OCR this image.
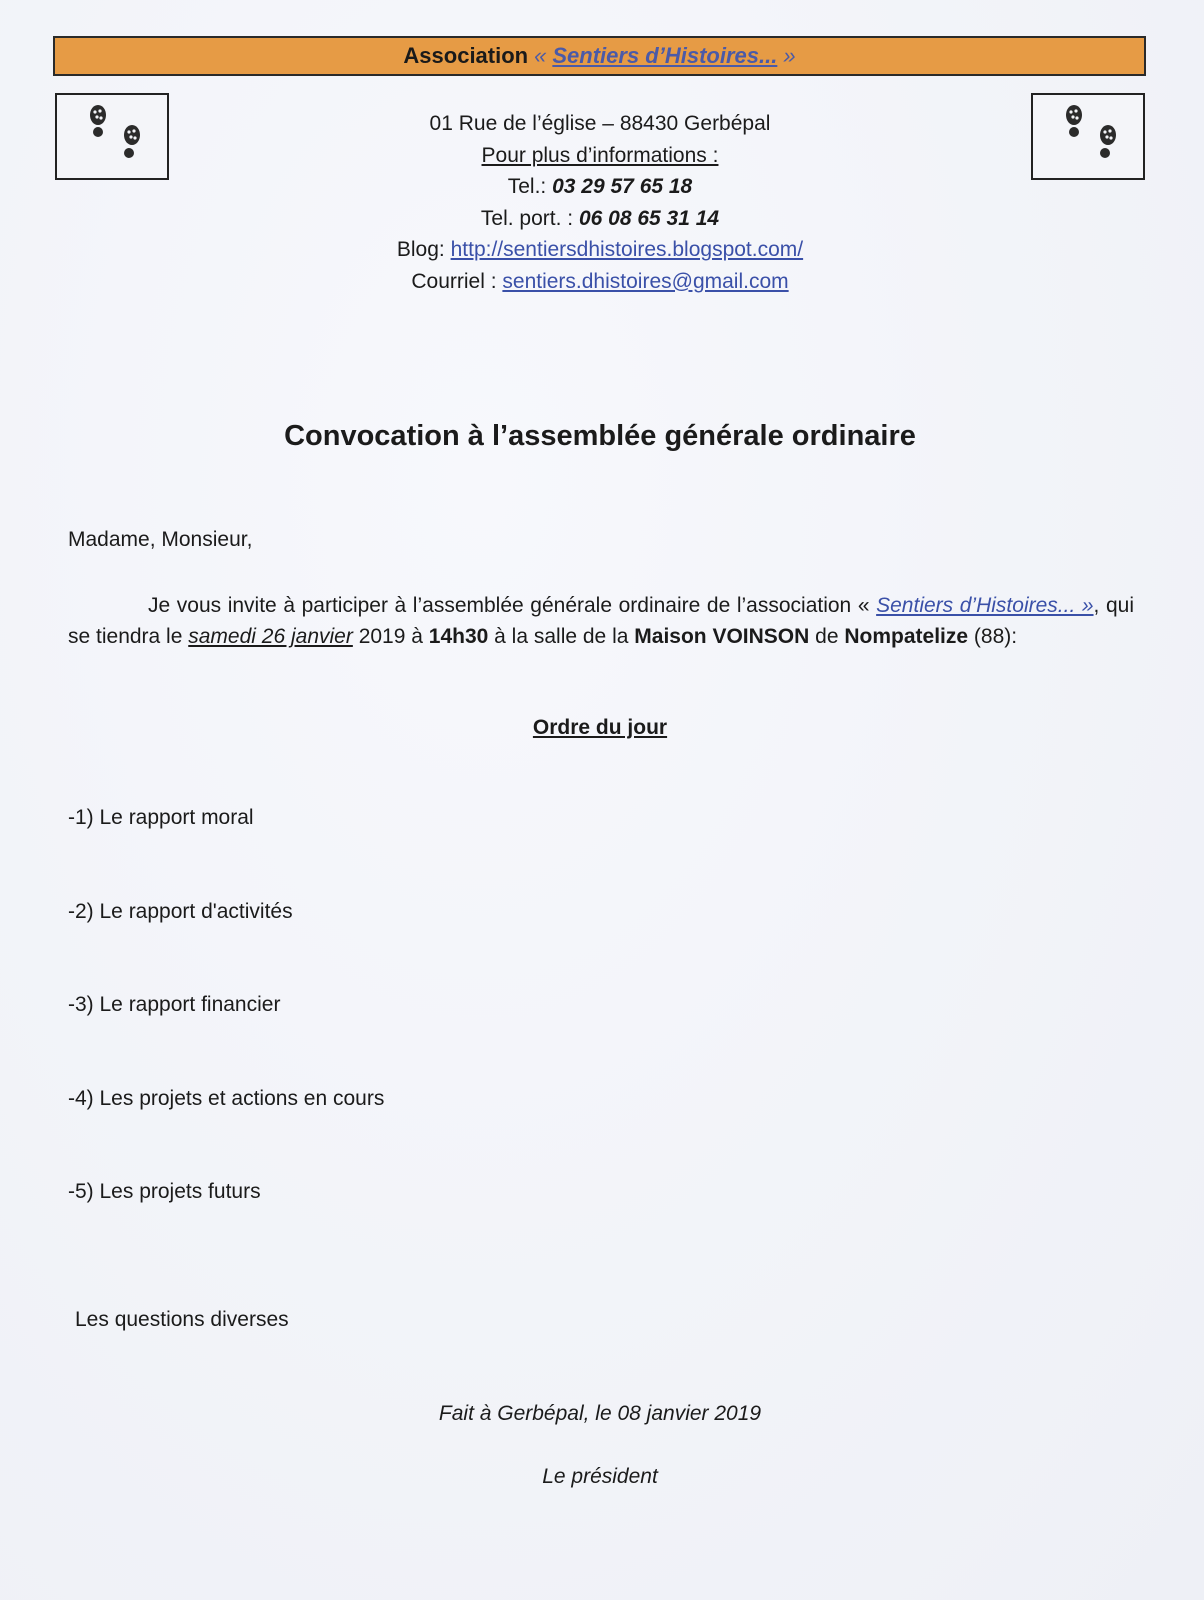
Association « Sentiers d’Histoires... »
01 Rue de l’église – 88430 Gerbépal
Pour plus d’informations :
Tel.: 03 29 57 65 18
Tel. port. : 06 08 65 31 14
Blog: http://sentiersdhistoires.blogspot.com/
Courriel : sentiers.dhistoires@gmail.com
Convocation à l’assemblée générale ordinaire
Madame, Monsieur,
Je vous invite à participer à l’assemblée générale ordinaire de l’association « Sentiers d’Histoires... », qui se tiendra le samedi 26 janvier 2019 à 14h30 à la salle de la Maison VOINSON de Nompatelize (88):
Ordre du jour
-1) Le rapport moral
-2) Le rapport d'activités
-3) Le rapport financier
-4) Les projets et actions en cours
-5) Les projets futurs
Les questions diverses
Fait à Gerbépal, le 08 janvier 2019
Le président
